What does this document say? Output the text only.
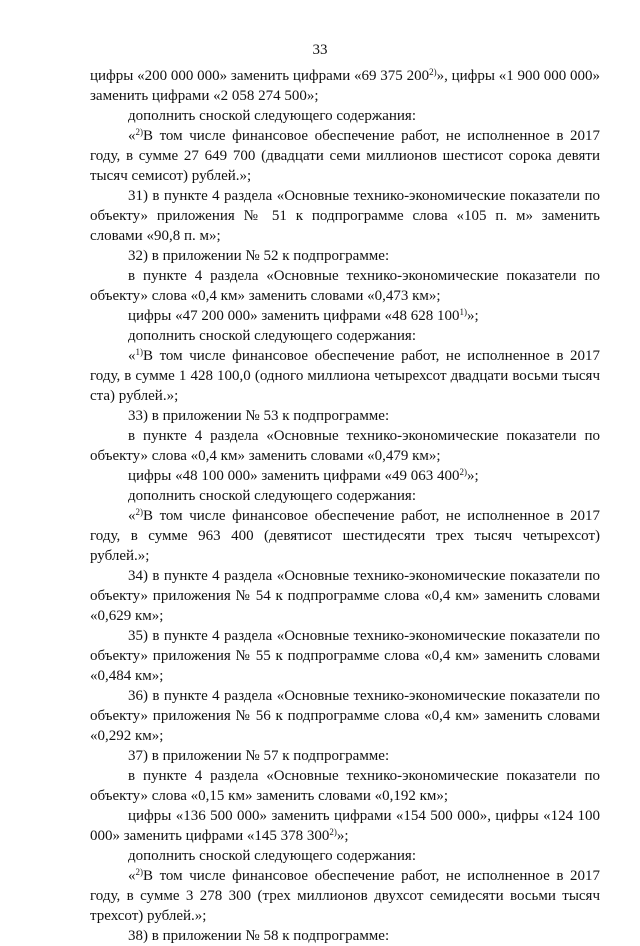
33

цифры «200 000 000» заменить цифрами «69 375 200$^{2)}$», цифры «1 900 000 000» заменить цифрами «2 058 274 500»;

дополнить сноской следующего содержания:

«$^{2)}$В том числе финансовое обеспечение работ, не исполненное в 2017 году, в сумме 27 649 700 (двадцати семи миллионов шестисот сорока девяти тысяч семисот) рублей.»;

31) в пункте 4 раздела «Основные технико-экономические показатели по объекту» приложения № 51 к подпрограмме слова «105 п. м» заменить словами «90,8 п. м»;

32) в приложении № 52 к подпрограмме:

в пункте 4 раздела «Основные технико-экономические показатели по объекту» слова «0,4 км» заменить словами «0,473 км»;

цифры «47 200 000» заменить цифрами «48 628 100$^{1)}$»;

дополнить сноской следующего содержания:

«$^{1)}$В том числе финансовое обеспечение работ, не исполненное в 2017 году, в сумме 1 428 100,0 (одного миллиона четырехсот двадцати восьми тысяч ста) рублей.»;

33) в приложении № 53 к подпрограмме:

в пункте 4 раздела «Основные технико-экономические показатели по объекту» слова «0,4 км» заменить словами «0,479 км»;

цифры «48 100 000» заменить цифрами «49 063 400$^{2)}$»;

дополнить сноской следующего содержания:

«$^{2)}$В том числе финансовое обеспечение работ, не исполненное в 2017 году, в сумме 963 400 (девятисот шестидесяти трех тысяч четырехсот) рублей.»;

34) в пункте 4 раздела «Основные технико-экономические показатели по объекту» приложения № 54 к подпрограмме слова «0,4 км» заменить словами «0,629 км»;

35) в пункте 4 раздела «Основные технико-экономические показатели по объекту» приложения № 55 к подпрограмме слова «0,4 км» заменить словами «0,484 км»;

36) в пункте 4 раздела «Основные технико-экономические показатели по объекту» приложения № 56 к подпрограмме слова «0,4 км» заменить словами «0,292 км»;

37) в приложении № 57 к подпрограмме:

в пункте 4 раздела «Основные технико-экономические показатели по объекту» слова «0,15 км» заменить словами «0,192 км»;

цифры «136 500 000» заменить цифрами «154 500 000», цифры «124 100 000» заменить цифрами «145 378 300$^{2)}$»;

дополнить сноской следующего содержания:

«$^{2)}$В том числе финансовое обеспечение работ, не исполненное в 2017 году, в сумме 3 278 300 (трех миллионов двухсот семидесяти восьми тысяч трехсот) рублей.»;

38) в приложении № 58 к подпрограмме:
